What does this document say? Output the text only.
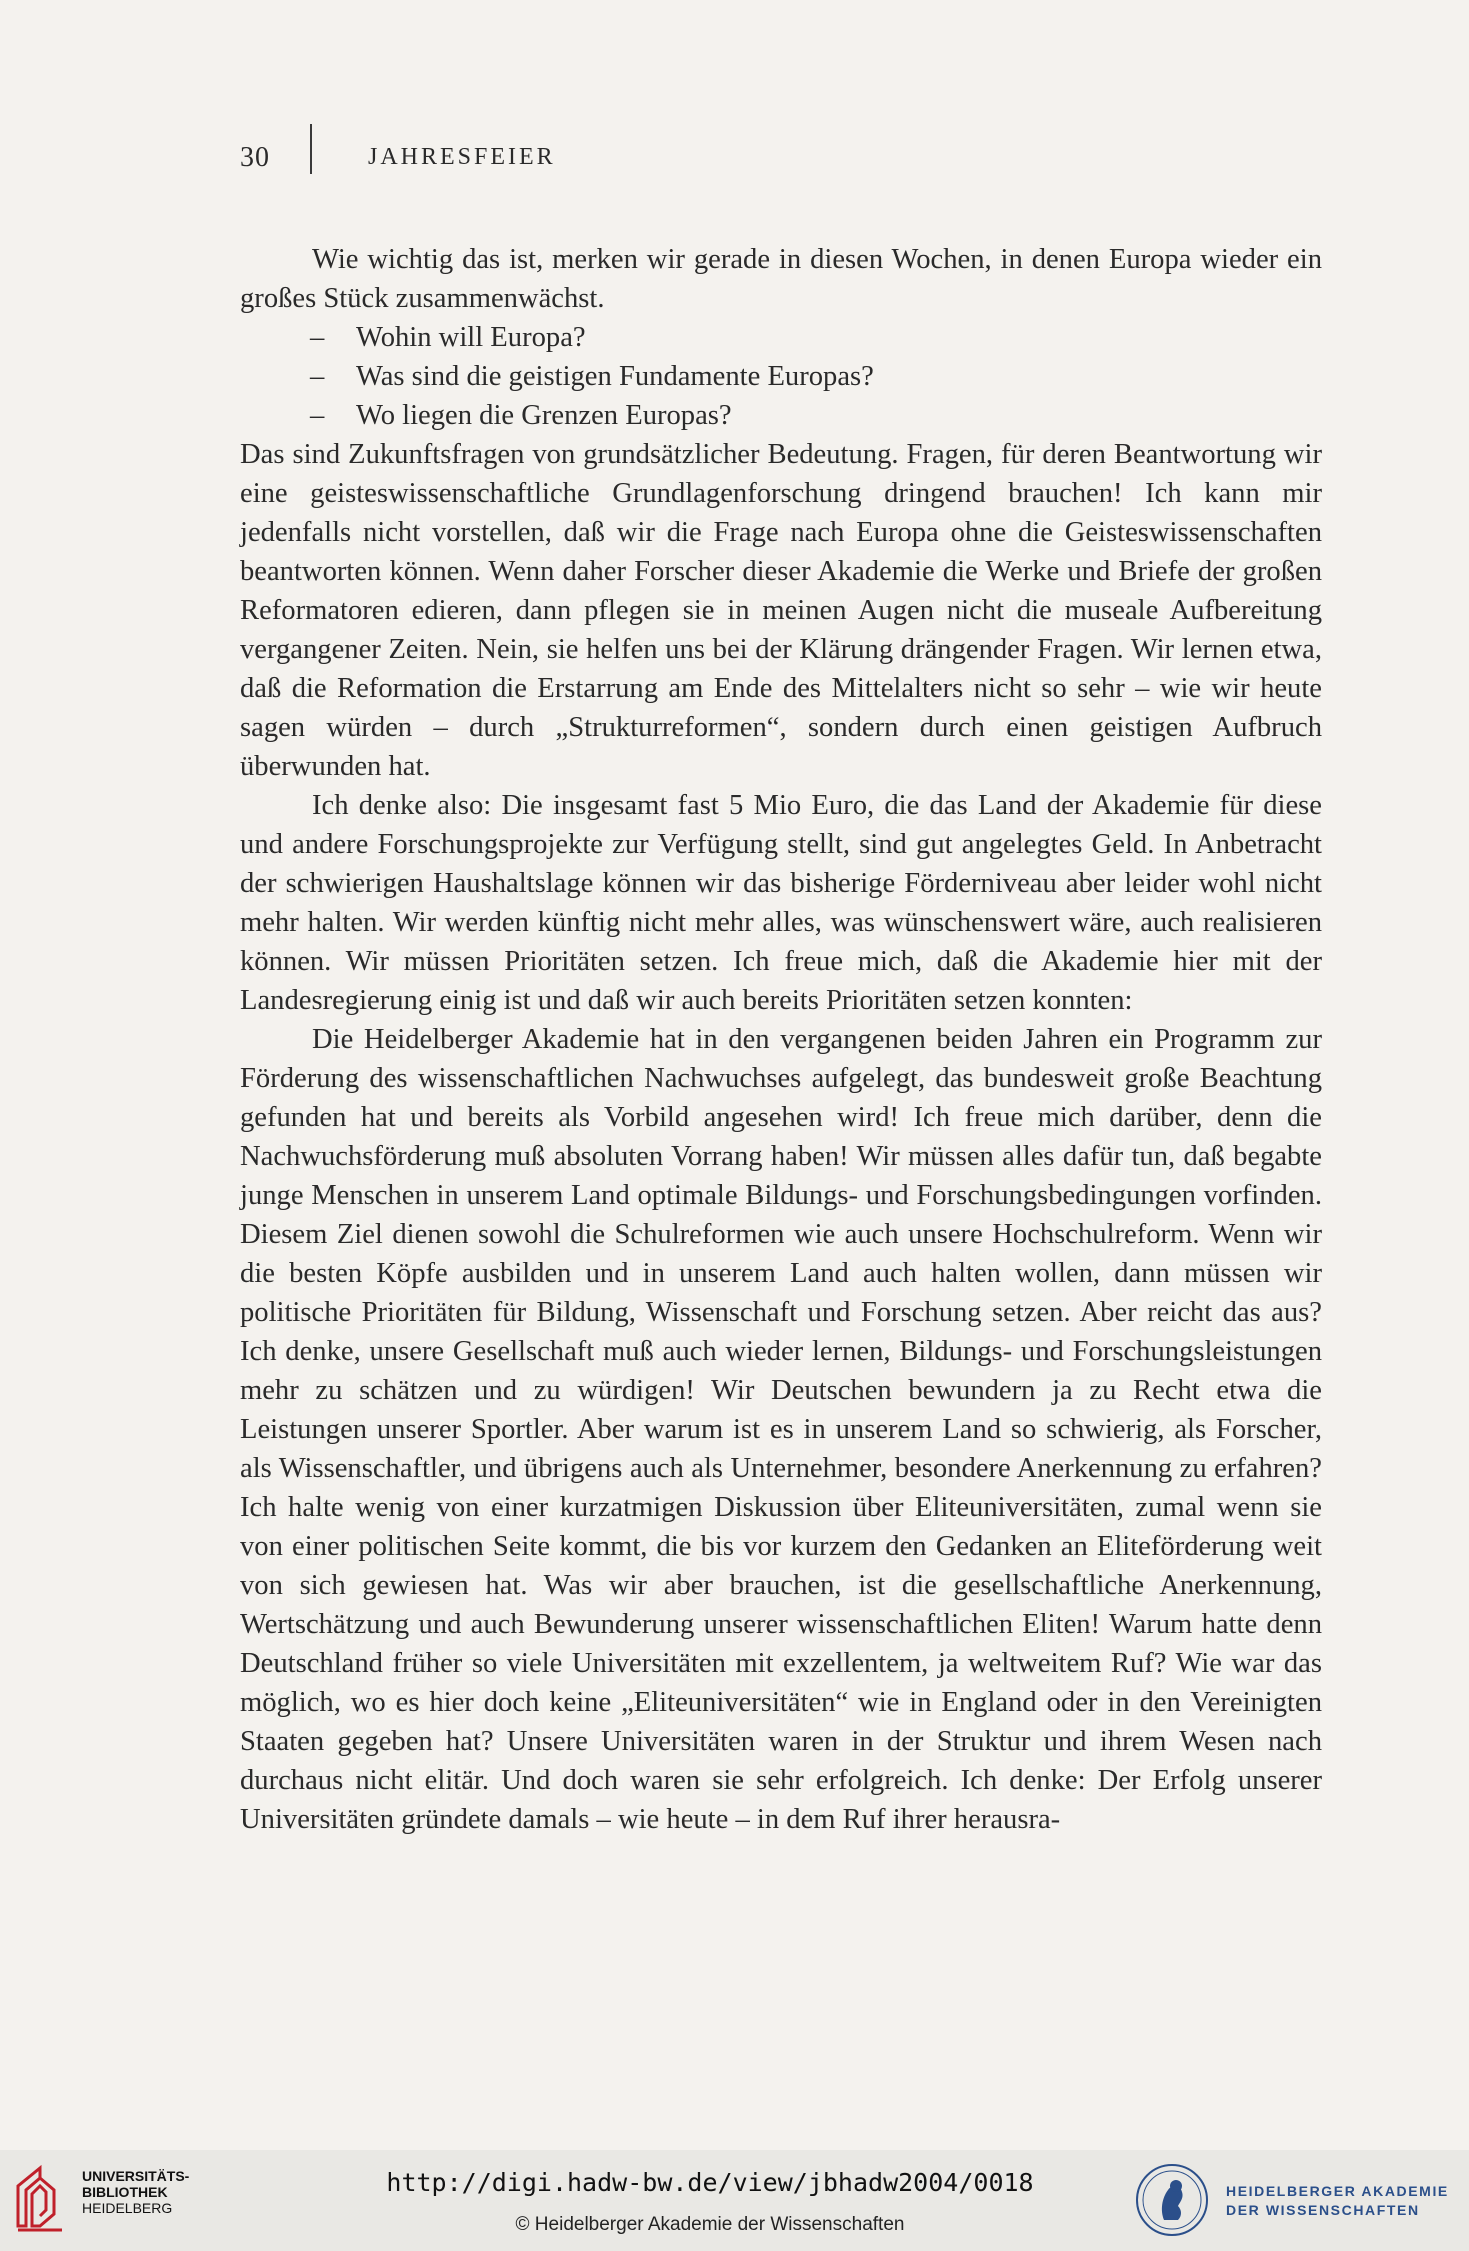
30	JAHRESFEIER

Wie wichtig das ist, merken wir gerade in diesen Wochen, in denen Europa wieder ein großes Stück zusammenwächst.

– Wohin will Europa?

– Was sind die geistigen Fundamente Europas?

– Wo liegen die Grenzen Europas?

Das sind Zukunftsfragen von grundsätzlicher Bedeutung. Fragen, für deren Beantwortung wir eine geisteswissenschaftliche Grundlagenforschung dringend brauchen! Ich kann mir jedenfalls nicht vorstellen, daß wir die Frage nach Europa ohne die Geisteswissenschaften beantworten können. Wenn daher Forscher dieser Akademie die Werke und Briefe der großen Reformatoren edieren, dann pflegen sie in meinen Augen nicht die museale Aufbereitung vergangener Zeiten. Nein, sie helfen uns bei der Klärung drängender Fragen. Wir lernen etwa, daß die Reformation die Erstarrung am Ende des Mittelalters nicht so sehr – wie wir heute sagen würden – durch „Strukturreformen“, sondern durch einen geistigen Aufbruch überwunden hat.

Ich denke also: Die insgesamt fast 5 Mio Euro, die das Land der Akademie für diese und andere Forschungsprojekte zur Verfügung stellt, sind gut angelegtes Geld. In Anbetracht der schwierigen Haushaltslage können wir das bisherige Förderniveau aber leider wohl nicht mehr halten. Wir werden künftig nicht mehr alles, was wünschenswert wäre, auch realisieren können. Wir müssen Prioritäten setzen. Ich freue mich, daß die Akademie hier mit der Landesregierung einig ist und daß wir auch bereits Prioritäten setzen konnten:

Die Heidelberger Akademie hat in den vergangenen beiden Jahren ein Programm zur Förderung des wissenschaftlichen Nachwuchses aufgelegt, das bundesweit große Beachtung gefunden hat und bereits als Vorbild angesehen wird! Ich freue mich darüber, denn die Nachwuchsförderung muß absoluten Vorrang haben! Wir müssen alles dafür tun, daß begabte junge Menschen in unserem Land optimale Bildungs- und Forschungsbedingungen vorfinden. Diesem Ziel dienen sowohl die Schulreformen wie auch unsere Hochschulreform. Wenn wir die besten Köpfe ausbilden und in unserem Land auch halten wollen, dann müssen wir politische Prioritäten für Bildung, Wissenschaft und Forschung setzen. Aber reicht das aus? Ich denke, unsere Gesellschaft muß auch wieder lernen, Bildungs- und Forschungsleistungen mehr zu schätzen und zu würdigen! Wir Deutschen bewundern ja zu Recht etwa die Leistungen unserer Sportler. Aber warum ist es in unserem Land so schwierig, als Forscher, als Wissenschaftler, und übrigens auch als Unternehmer, besondere Anerkennung zu erfahren? Ich halte wenig von einer kurzatmigen Diskussion über Eliteuniversitäten, zumal wenn sie von einer politischen Seite kommt, die bis vor kurzem den Gedanken an Eliteförderung weit von sich gewiesen hat. Was wir aber brauchen, ist die gesellschaftliche Anerkennung, Wertschätzung und auch Bewunderung unserer wissenschaftlichen Eliten! Warum hatte denn Deutschland früher so viele Universitäten mit exzellentem, ja weltweitem Ruf? Wie war das möglich, wo es hier doch keine „Eliteuniversitäten“ wie in England oder in den Vereinigten Staaten gegeben hat? Unsere Universitäten waren in der Struktur und ihrem Wesen nach durchaus nicht elitär. Und doch waren sie sehr erfolgreich. Ich denke: Der Erfolg unserer Universitäten gründete damals – wie heute – in dem Ruf ihrer herausra-

UNIVERSITÄTS-
BIBLIOTHEK
HEIDELBERG
http://digi.hadw-bw.de/view/jbhadw2004/0018
© Heidelberger Akademie der Wissenschaften
HEIDELBERGER AKADEMIE
DER WISSENSCHAFTEN
